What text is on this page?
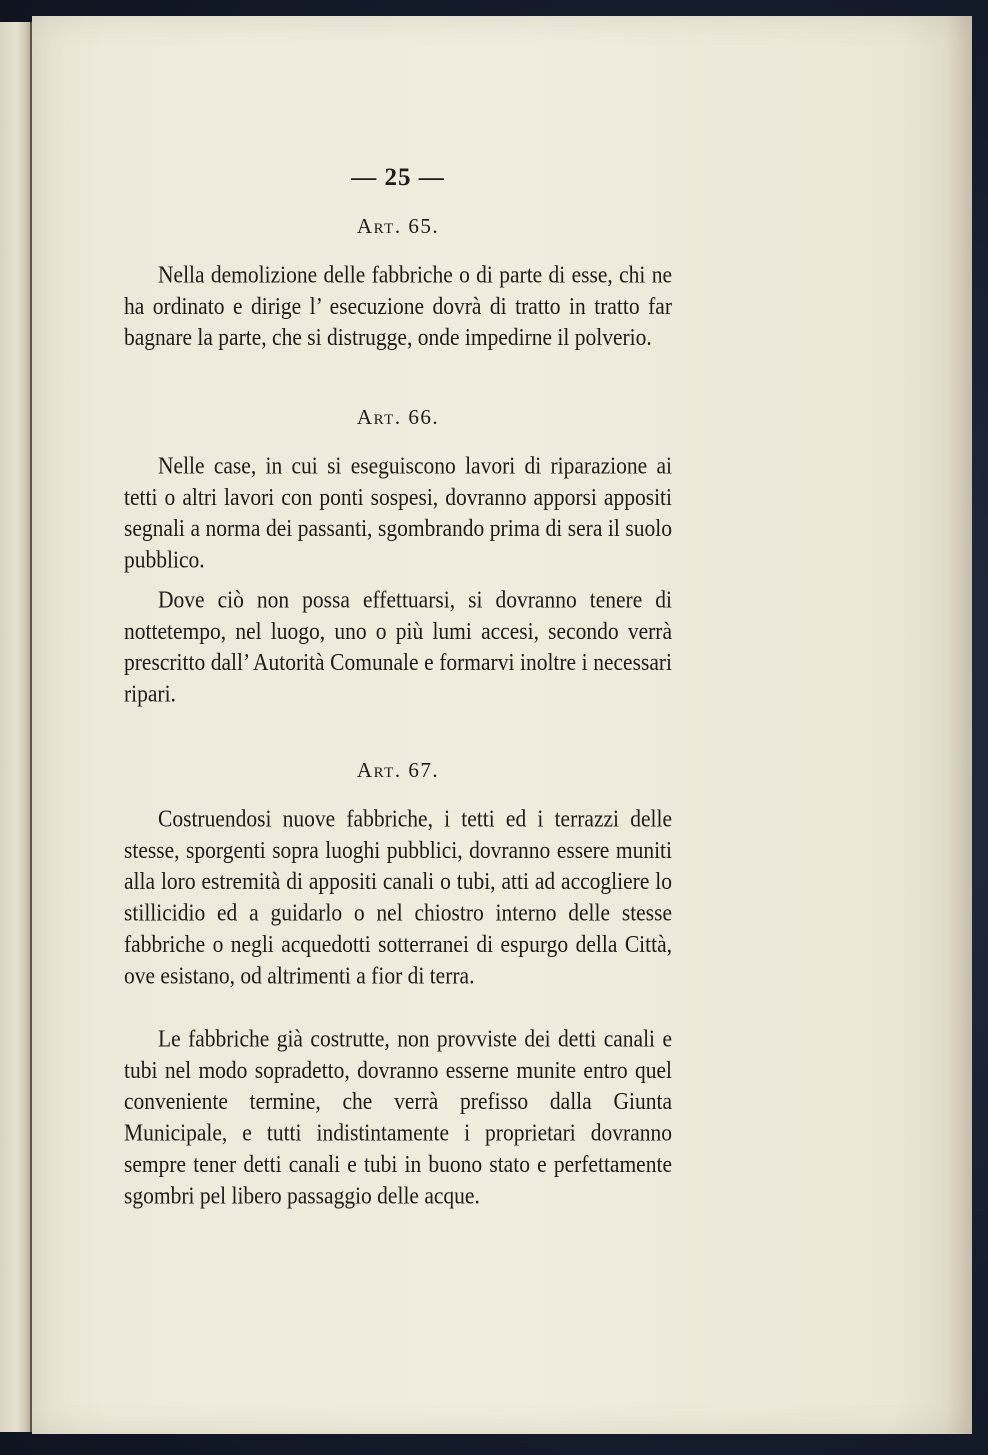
— 25 —
Art. 65.

Nella demolizione delle fabbriche o di parte di esse, chi ne ha ordinato e dirige l’ esecuzione dovrà di tratto in tratto far bagnare la parte, che si distrugge, onde impedirne il polverio.

Art. 66.

Nelle case, in cui si eseguiscono lavori di riparazione ai tetti o altri lavori con ponti sospesi, dovranno apporsi appositi segnali a norma dei passanti, sgombrando prima di sera il suolo pubblico.

Dove ciò non possa effettuarsi, si dovranno tenere di nottetempo, nel luogo, uno o più lumi accesi, secondo verrà prescritto dall’ Autorità Comunale e formarvi inoltre i necessari ripari.

Art. 67.

Costruendosi nuove fabbriche, i tetti ed i terrazzi delle stesse, sporgenti sopra luoghi pubblici, dovranno essere muniti alla loro estremità di appositi canali o tubi, atti ad accogliere lo stillicidio ed a guidarlo o nel chiostro interno delle stesse fabbriche o negli acquedotti sotterranei di espurgo della Città, ove esistano, od altrimenti a fior di terra.

Le fabbriche già costrutte, non provviste dei detti canali e tubi nel modo sopradetto, dovranno esserne munite entro quel conveniente termine, che verrà prefisso dalla Giunta Municipale, e tutti indistintamente i proprietari dovranno sempre tener detti canali e tubi in buono stato e perfettamente sgombri pel libero passaggio delle acque.
